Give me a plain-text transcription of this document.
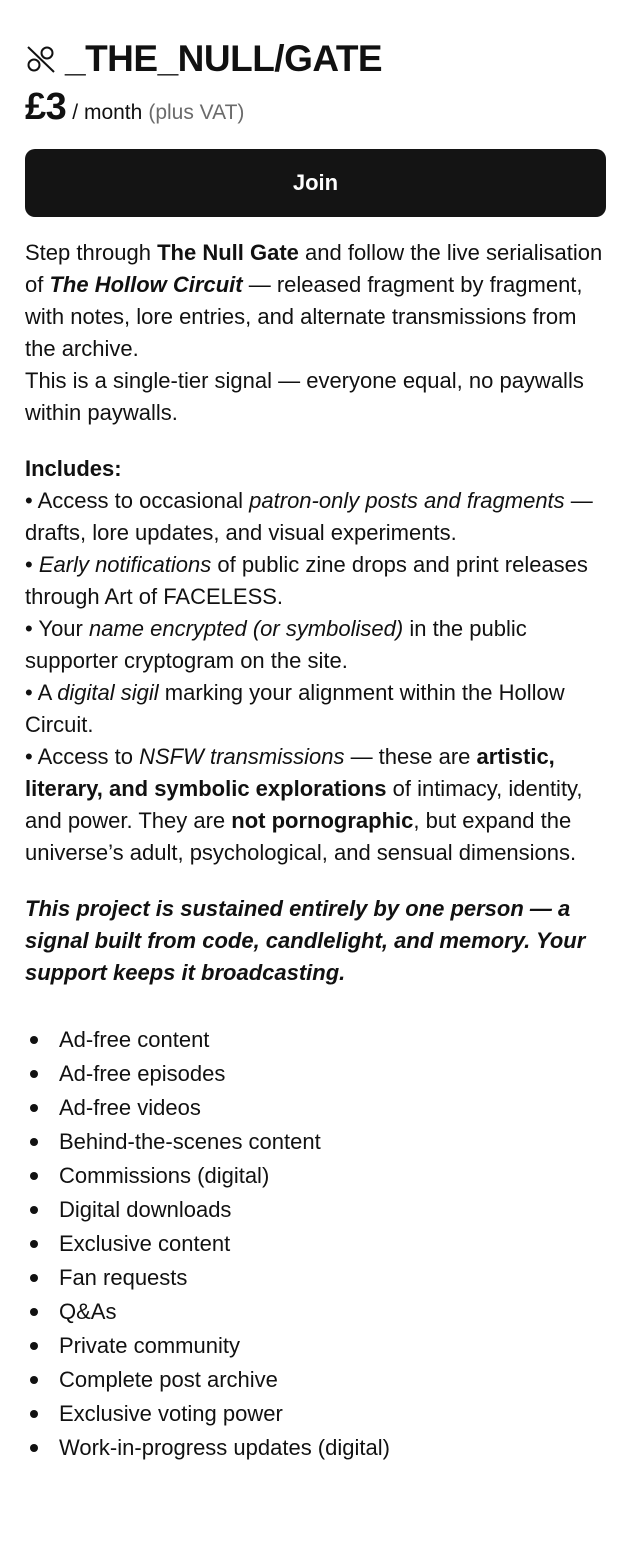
_THE_NULL/GATE
£3 / month (plus VAT)
Join

Step through The Null Gate and follow the live serialisation of The Hollow Circuit — released fragment by fragment, with notes, lore entries, and alternate transmissions from the archive.

This is a single-tier signal — everyone equal, no paywalls within paywalls.

Includes:

• Access to occasional patron-only posts and fragments — drafts, lore updates, and visual experiments.

• Early notifications of public zine drops and print releases through Art of FACELESS.

• Your name encrypted (or symbolised) in the public supporter cryptogram on the site.

• A digital sigil marking your alignment within the Hollow Circuit.

• Access to NSFW transmissions — these are artistic, literary, and symbolic explorations of intimacy, identity, and power. They are not pornographic, but expand the universe’s adult, psychological, and sensual dimensions.

This project is sustained entirely by one person — a signal built from code, candlelight, and memory. Your support keeps it broadcasting.

Ad-free content
Ad-free episodes
Ad-free videos
Behind-the-scenes content
Commissions (digital)
Digital downloads
Exclusive content
Fan requests
Q&As
Private community
Complete post archive
Exclusive voting power
Work-in-progress updates (digital)
